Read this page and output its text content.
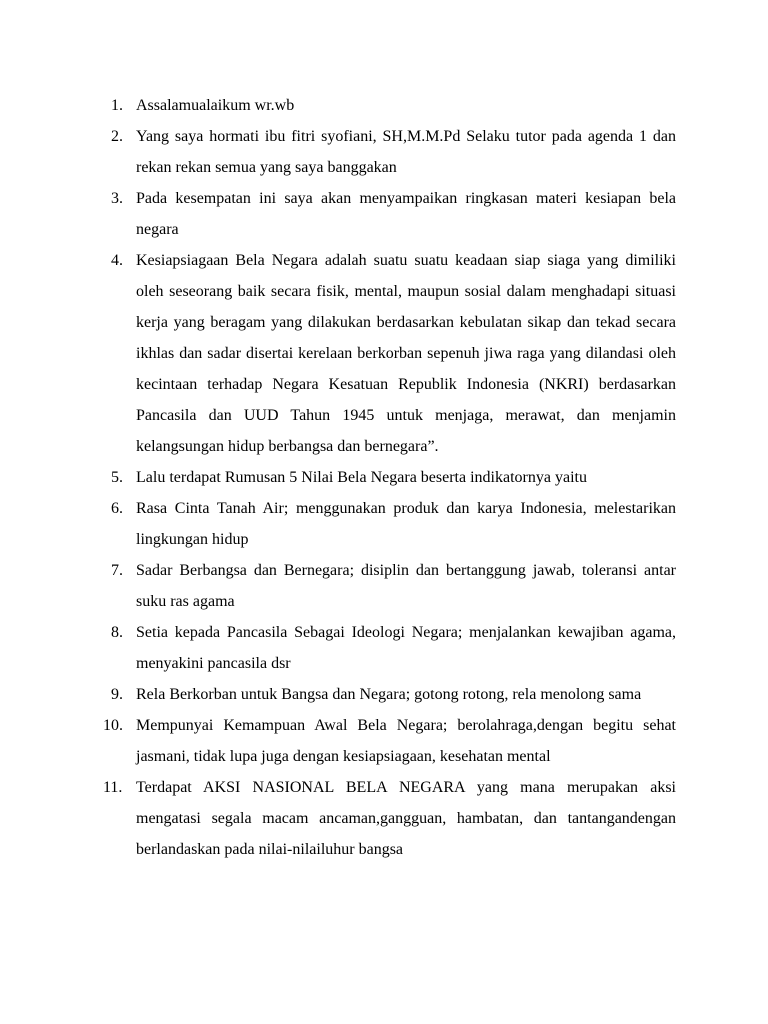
1. Assalamualaikum wr.wb
2. Yang saya hormati ibu fitri syofiani, SH,M.M.Pd Selaku tutor pada agenda 1 dan rekan rekan semua yang saya banggakan
3. Pada kesempatan ini saya akan menyampaikan ringkasan materi kesiapan bela negara
4. Kesiapsiagaan Bela Negara adalah suatu suatu keadaan siap siaga yang dimiliki oleh seseorang baik secara fisik, mental, maupun sosial dalam menghadapi situasi kerja yang beragam yang dilakukan berdasarkan kebulatan sikap dan tekad secara ikhlas dan sadar disertai kerelaan berkorban sepenuh jiwa raga yang dilandasi oleh kecintaan terhadap Negara Kesatuan Republik Indonesia (NKRI) berdasarkan Pancasila dan UUD Tahun 1945 untuk menjaga, merawat, dan menjamin kelangsungan hidup berbangsa dan bernegara”.
5. Lalu terdapat Rumusan 5 Nilai Bela Negara beserta indikatornya yaitu
6. Rasa Cinta Tanah Air; menggunakan produk dan karya Indonesia, melestarikan lingkungan hidup
7. Sadar Berbangsa dan Bernegara; disiplin dan bertanggung jawab, toleransi antar suku ras agama
8. Setia kepada Pancasila Sebagai Ideologi Negara; menjalankan kewajiban agama, menyakini pancasila dsr
9. Rela Berkorban untuk Bangsa dan Negara; gotong rotong, rela menolong sama
10. Mempunyai Kemampuan Awal Bela Negara; berolahraga,dengan begitu sehat jasmani, tidak lupa juga dengan kesiapsiagaan, kesehatan mental
11. Terdapat AKSI NASIONAL BELA NEGARA yang mana merupakan aksi mengatasi segala macam ancaman,gangguan, hambatan, dan tantangandengan berlandaskan pada nilai-nilailuhur bangsa
